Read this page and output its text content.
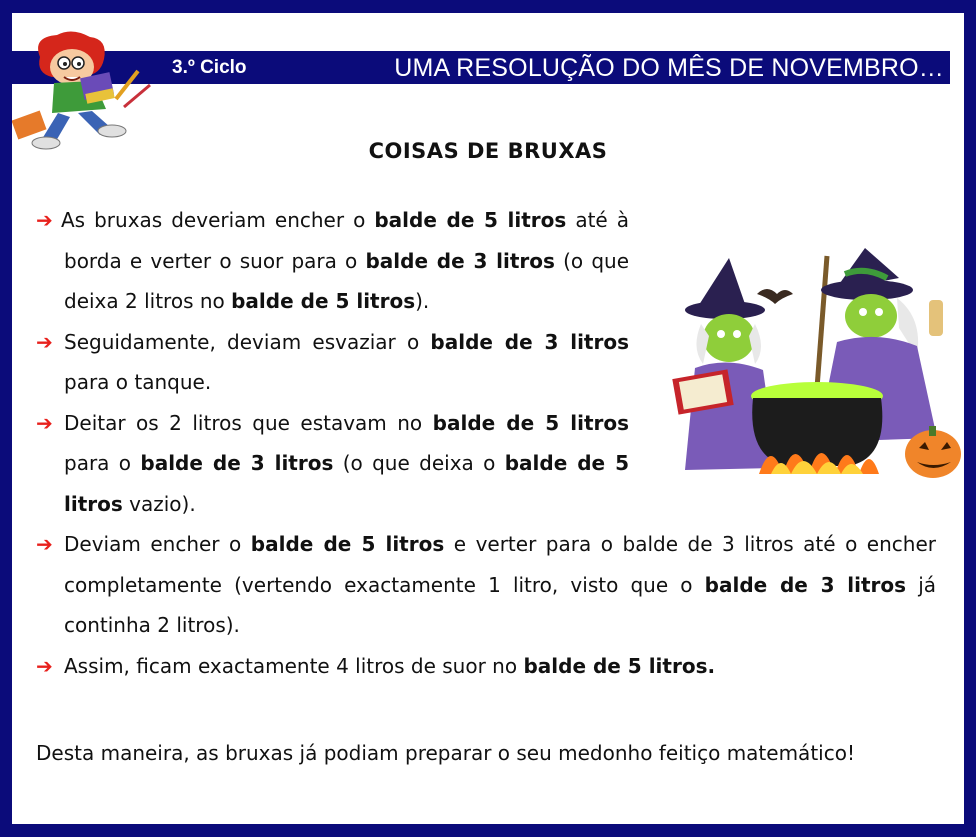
3.º Ciclo	UMA RESOLUÇÃO DO MÊS DE NOVEMBRO…
COISAS DE BRUXAS
➔ As bruxas deveriam encher o balde de 5 litros até à borda e verter o suor para o balde de 3 litros (o que deixa 2 litros no balde de 5 litros).
➔ Seguidamente, deviam esvaziar o balde de 3 litros para o tanque.
➔ Deitar os 2 litros que estavam no balde de 5 litros para o balde de 3 litros (o que deixa o balde de 5 litros vazio).
➔ Deviam encher o balde de 5 litros e verter para o balde de 3 litros até o encher completamente (vertendo exactamente 1 litro, visto que o balde de 3 litros já continha 2 litros).
➔ Assim, ficam exactamente 4 litros de suor no balde de 5 litros.
Desta maneira, as bruxas já podiam preparar o seu medonho feitiço matemático!
